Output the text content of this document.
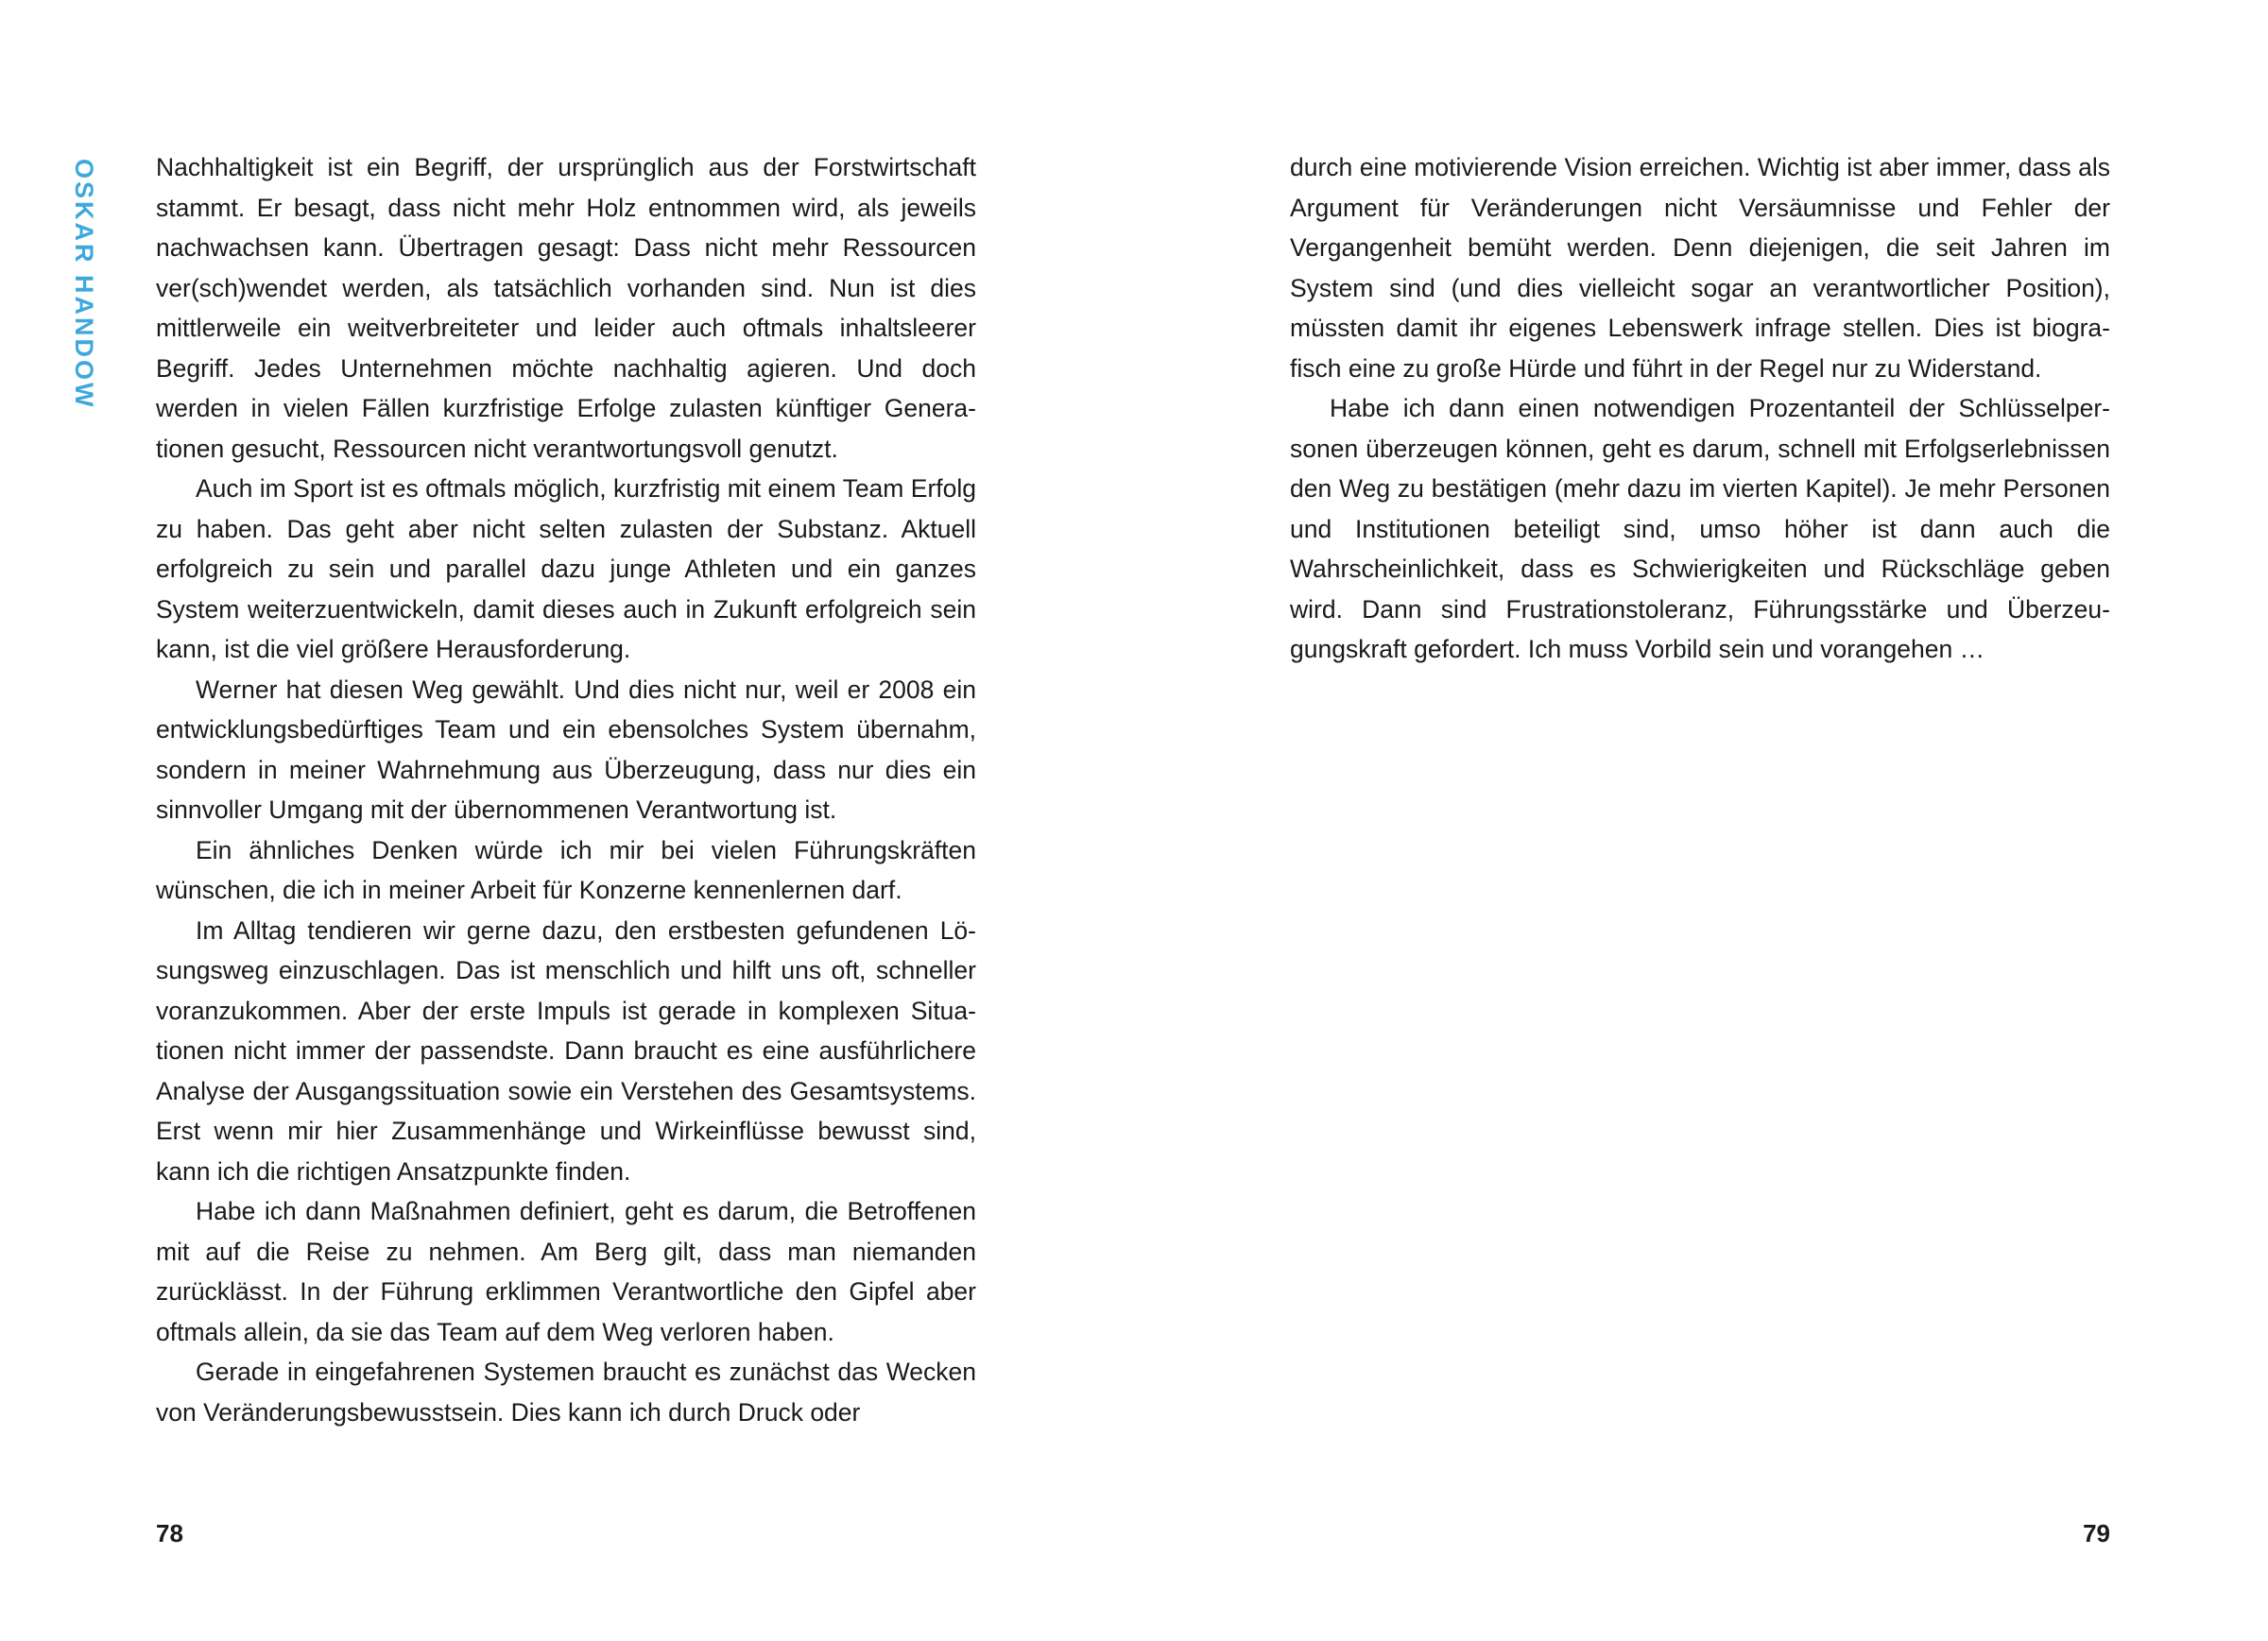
OSKAR HANDOW Nachhaltigkeit ist ein Begriff, der ursprünglich aus der Forstwirtschaft stammt. Er besagt, dass nicht mehr Holz entnommen wird, als jeweils nachwachsen kann. Übertragen gesagt: Dass nicht mehr Ressourcen ver(sch)wendet werden, als tatsächlich vorhanden sind. Nun ist dies mittlerweile ein weitverbreiteter und leider auch oftmals inhaltsleerer Begriff. Jedes Unternehmen möchte nachhaltig agieren. Und doch werden in vielen Fällen kurzfristige Erfolge zulasten künftiger Generationen gesucht, Ressourcen nicht verantwortungsvoll genutzt.

Auch im Sport ist es oftmals möglich, kurzfristig mit einem Team Erfolg zu haben. Das geht aber nicht selten zulasten der Substanz. Aktuell erfolgreich zu sein und parallel dazu junge Athleten und ein ganzes System weiterzuentwickeln, damit dieses auch in Zukunft erfolgreich sein kann, ist die viel größere Herausforderung.

Werner hat diesen Weg gewählt. Und dies nicht nur, weil er 2008 ein entwicklungsbedürftiges Team und ein ebensolches System übernahm, sondern in meiner Wahrnehmung aus Überzeugung, dass nur dies ein sinnvoller Umgang mit der übernommenen Verantwortung ist.

Ein ähnliches Denken würde ich mir bei vielen Führungskräften wünschen, die ich in meiner Arbeit für Konzerne kennenlernen darf.

Im Alltag tendieren wir gerne dazu, den erstbesten gefundenen Lösungsweg einzuschlagen. Das ist menschlich und hilft uns oft, schneller voranzukommen. Aber der erste Impuls ist gerade in komplexen Situationen nicht immer der passendste. Dann braucht es eine ausführlichere Analyse der Ausgangssituation sowie ein Verstehen des Gesamtsystems. Erst wenn mir hier Zusammenhänge und Wirkeinflüsse bewusst sind, kann ich die richtigen Ansatzpunkte finden.

Habe ich dann Maßnahmen definiert, geht es darum, die Betroffenen mit auf die Reise zu nehmen. Am Berg gilt, dass man niemanden zurücklässt. In der Führung erklimmen Verantwortliche den Gipfel aber oftmals allein, da sie das Team auf dem Weg verloren haben.

Gerade in eingefahrenen Systemen braucht es zunächst das Wecken von Veränderungsbewusstsein. Dies kann ich durch Druck oder

78

durch eine motivierende Vision erreichen. Wichtig ist aber immer, dass als Argument für Veränderungen nicht Versäumnisse und Fehler der Vergangenheit bemüht werden. Denn diejenigen, die seit Jahren im System sind (und dies vielleicht sogar an verantwortlicher Position), müssten damit ihr eigenes Lebenswerk infrage stellen. Dies ist biografisch eine zu große Hürde und führt in der Regel nur zu Widerstand.

Habe ich dann einen notwendigen Prozentanteil der Schlüsselpersonen überzeugen können, geht es darum, schnell mit Erfolgserlebnissen den Weg zu bestätigen (mehr dazu im vierten Kapitel). Je mehr Personen und Institutionen beteiligt sind, umso höher ist dann auch die Wahrscheinlichkeit, dass es Schwierigkeiten und Rückschläge geben wird. Dann sind Frustrationstoleranz, Führungsstärke und Überzeugungskraft gefordert. Ich muss Vorbild sein und vorangehen …

79
